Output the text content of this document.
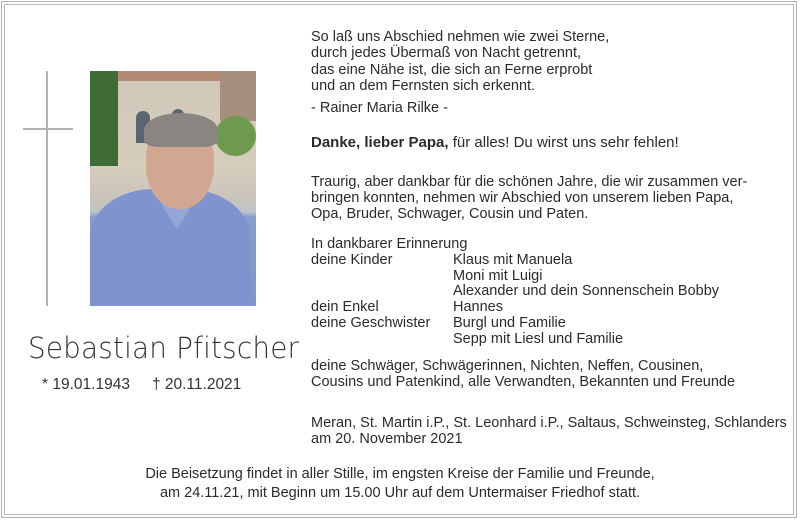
Sebastian Pfitscher
* 19.01.1943 † 20.11.2021
So laß uns Abschied nehmen wie zwei Sterne,
durch jedes Übermaß von Nacht getrennt,
das eine Nähe ist, die sich an Ferne erprobt
und an dem Fernsten sich erkennt.
- Rainer Maria Rilke -
Danke, lieber Papa, für alles! Du wirst uns sehr fehlen!
Traurig, aber dankbar für die schönen Jahre, die wir zusammen ver-
bringen konnten, nehmen wir Abschied von unserem lieben Papa,
Opa, Bruder, Schwager, Cousin und Paten.
In dankbarer Erinnerung
deine Kinder	Klaus mit Manuela
Moni mit Luigi
Alexander und dein Sonnenschein Bobby
dein Enkel	Hannes
deine Geschwister Burgl und Familie
Sepp mit Liesl und Familie
deine Schwäger, Schwägerinnen, Nichten, Neffen, Cousinen,
Cousins und Patenkind, alle Verwandten, Bekannten und Freunde
Meran, St. Martin i.P., St. Leonhard i.P., Saltaus, Schweinsteg, Schlanders
am 20. November 2021
Die Beisetzung findet in aller Stille, im engsten Kreise der Familie und Freunde,
am 24.11.21, mit Beginn um 15.00 Uhr auf dem Untermaiser Friedhof statt.
